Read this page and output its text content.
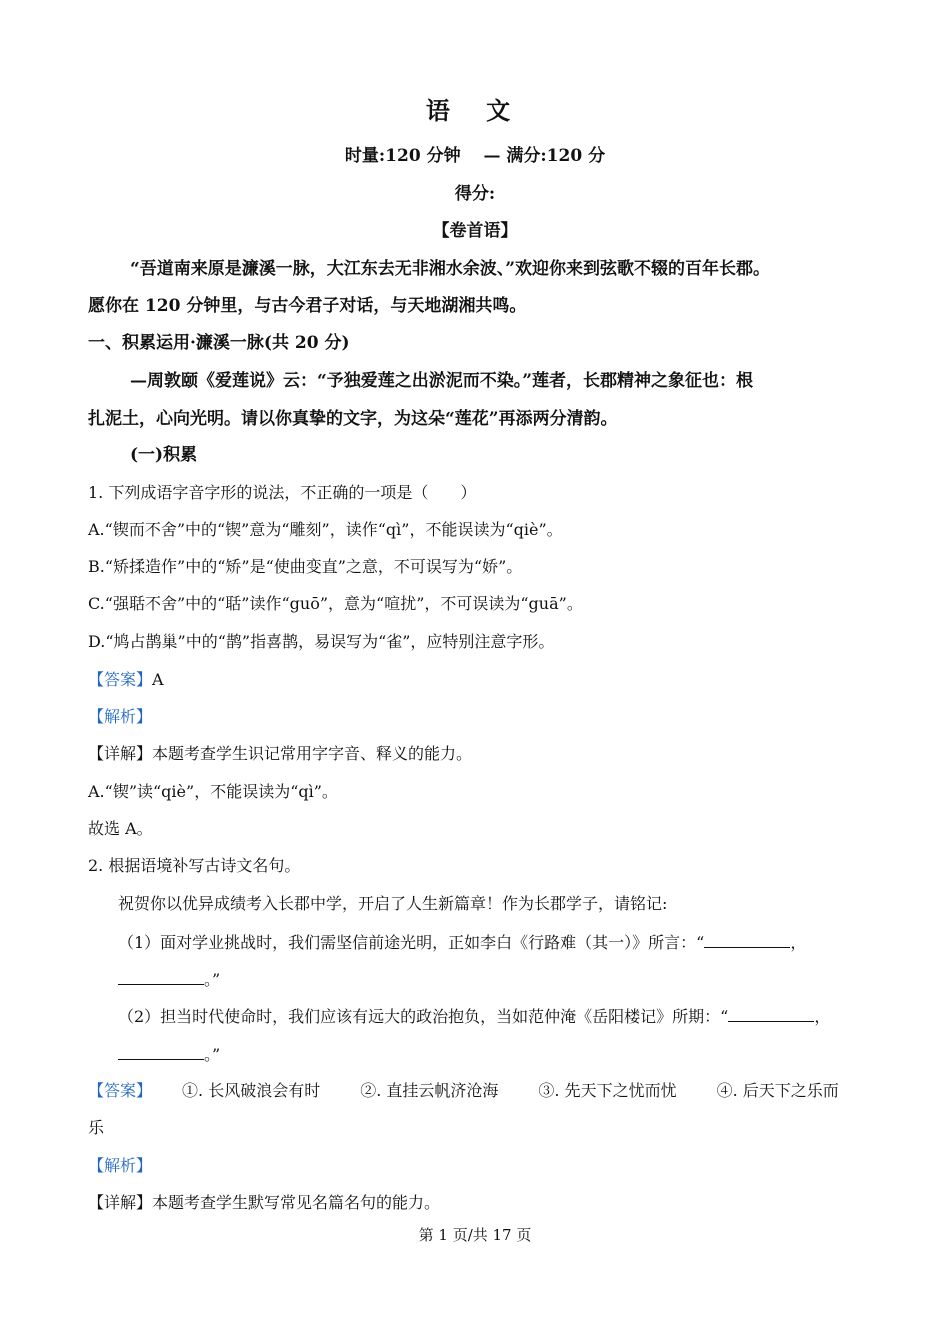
语 文
时量:120 分钟　 — 满分:120 分
得分:
【卷首语】
“吾道南来原是濂溪一脉，大江东去无非湘水余波、”欢迎你来到弦歌不辍的百年长郡。
愿你在 120 分钟里，与古今君子对话，与天地湖湘共鸣。
一、积累运用·濂溪一脉(共 20 分)
—周敦颐《爱莲说》云：“予独爱莲之出淤泥而不染。”莲者，长郡精神之象征也：根
扎泥土，心向光明。请以你真挚的文字，为这朵“莲花”再添两分清韵。
(一)积累
1. 下列成语字音字形的说法，不正确的一项是（　　）
A.“锲而不舍”中的“锲”意为“雕刻”，读作“qì”，不能误读为“qiè”。
B.“矫揉造作”中的“矫”是“使曲变直”之意，不可误写为“娇”。
C.“强聒不舍”中的“聒”读作“guō”，意为“喧扰”，不可误读为“guā”。
D.“鸠占鹊巢”中的“鹊”指喜鹊，易误写为“雀”，应特别注意字形。
【答案】A
【解析】
【详解】本题考查学生识记常用字字音、释义的能力。
A.“锲”读“qiè”，不能误读为“qì”。
故选 A。
2. 根据语境补写古诗文名句。
祝贺你以优异成绩考入长郡中学，开启了人生新篇章！作为长郡学子，请铭记:
（1）面对学业挑战时，我们需坚信前途光明，正如李白《行路难（其一）》所言：“	，
。”
（2）担当时代使命时，我们应该有远大的政治抱负，当如范仲淹《岳阳楼记》所期：“	，
。”
【答案】 ①. 长风破浪会有时	②. 直挂云帆济沧海	③. 先天下之忧而忧	④. 后天下之乐而
乐
【解析】
【详解】本题考查学生默写常见名篇名句的能力。
第 1 页/共 17 页
